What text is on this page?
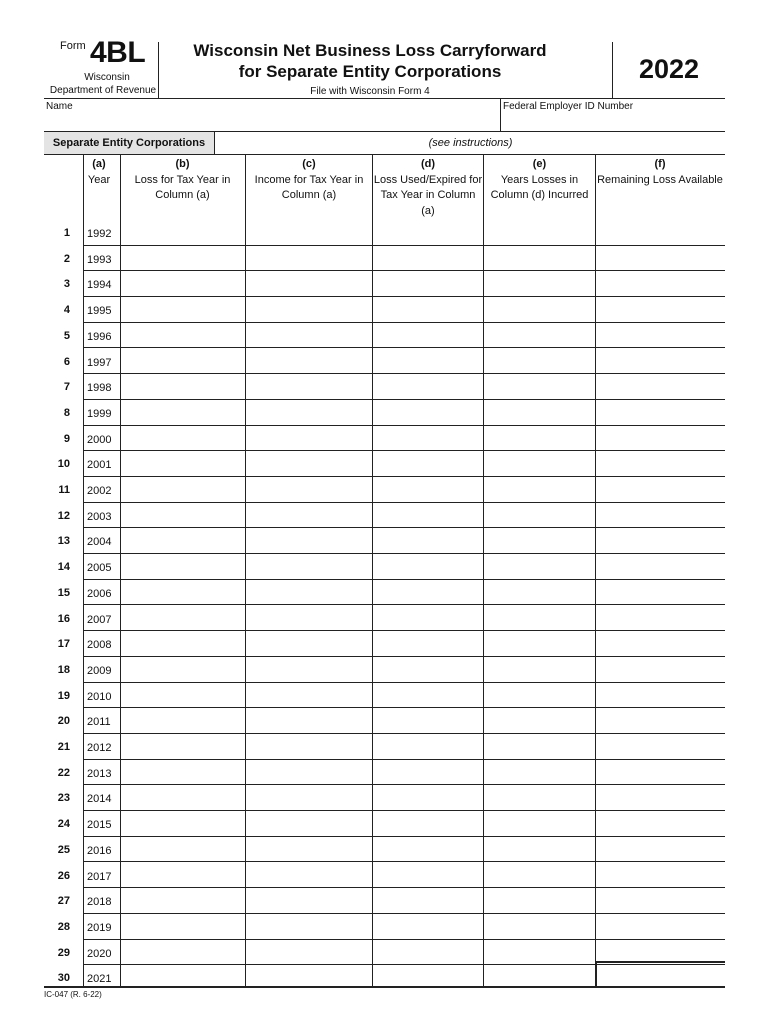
Form 4BL
Wisconsin
Department of Revenue
Wisconsin Net Business Loss Carryforward
for Separate Entity Corporations
File with Wisconsin Form 4
2022
Name	Federal Employer ID Number
Separate Entity Corporations	(see instructions)
(a)
Year
(b)
Loss for Tax Year in Column (a)
(c)
Income for Tax Year in Column (a)
(d)
Loss Used/Expired for Tax Year in Column (a)
(e)
Years Losses in Column (d) Incurred
(f)
Remaining Loss Available
1 1992
2 1993
3 1994
4 1995
5 1996
6 1997
7 1998
8 1999
9 2000
10 2001
11 2002
12 2003
13 2004
14 2005
15 2006
16 2007
17 2008
18 2009
19 2010
20 2011
21 2012
22 2013
23 2014
24 2015
25 2016
26 2017
27 2018
28 2019
29 2020
30 2021
IC-047 (R. 6-22)
